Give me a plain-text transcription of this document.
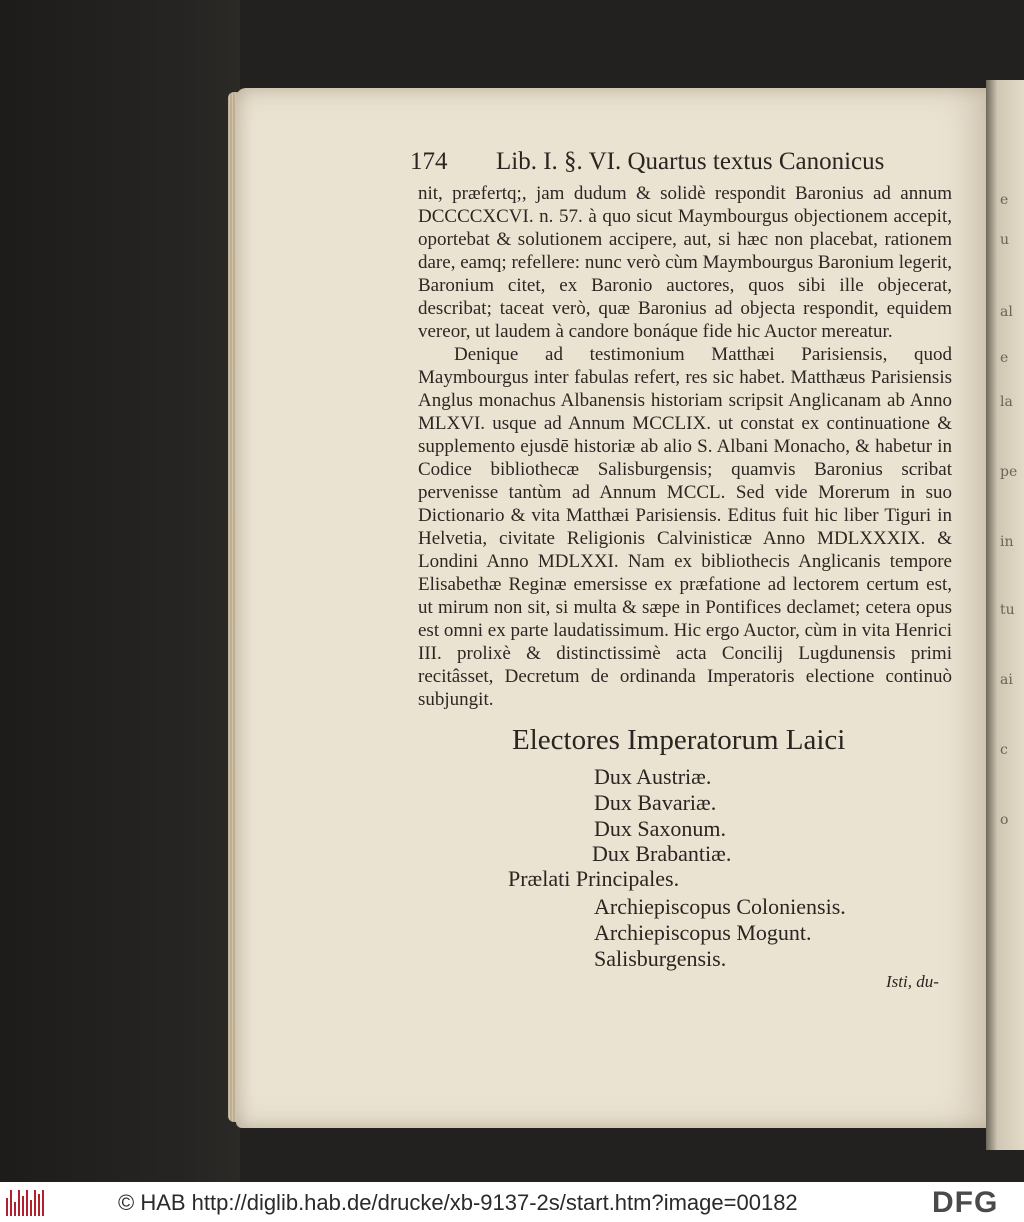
e
u
al
e
la
pe
in
tu
ai
c
o
174 Lib. I. §. VI. Quartus textus Canonicus

nit, præfertq;, jam dudum & solidè respondit Baronius ad annum DCCCCXCVI. n. 57. à quo sicut Maymbourgus objectionem accepit, oportebat & solutionem accipere, aut, si hæc non placebat, rationem dare, eamq; refellere: nunc verò cùm Maymbourgus Baronium legerit, Baronium citet, ex Baronio auctores, quos sibi ille objecerat, describat; taceat verò, quæ Baronius ad objecta respondit, equidem vereor, ut laudem à candore bonáque fide hic Auctor mereatur.

Denique ad testimonium Matthæi Parisiensis, quod Maymbourgus inter fabulas refert, res sic habet. Matthæus Parisiensis Anglus monachus Albanensis historiam scripsit Anglicanam ab Anno MLXVI. usque ad Annum MCCLIX. ut constat ex continuatione & supplemento ejusdē historiæ ab alio S. Albani Monacho, & habetur in Codice bibliothecæ Salisburgensis; quamvis Baronius scribat pervenisse tantùm ad Annum MCCL. Sed vide Morerum in suo Dictionario & vita Matthæi Parisiensis. Editus fuit hic liber Tiguri in Helvetia, civitate Religionis Calvinisticæ Anno MDLXXXIX. & Londini Anno MDLXXI. Nam ex bibliothecis Anglicanis tempore Elisabethæ Reginæ emersisse ex præfatione ad lectorem certum est, ut mirum non sit, si multa & sæpe in Pontifices declamet; cetera opus est omni ex parte laudatissimum. Hic ergo Auctor, cùm in vita Henrici III. prolixè & distinctissimè acta Concilij Lugdunensis primi recitâsset, Decretum de ordinanda Imperatoris electione continuò subjungit.

Electores Imperatorum Laici
Dux Austriæ.
Dux Bavariæ.
Dux Saxonum.
Dux Brabantiæ.
Prælati Principales.
Archiepiscopus Coloniensis.
Archiepiscopus Mogunt.
Salisburgensis.
Isti, du-
© HAB http://diglib.hab.de/drucke/xb-9137-2s/start.htm?image=00182	DFG
